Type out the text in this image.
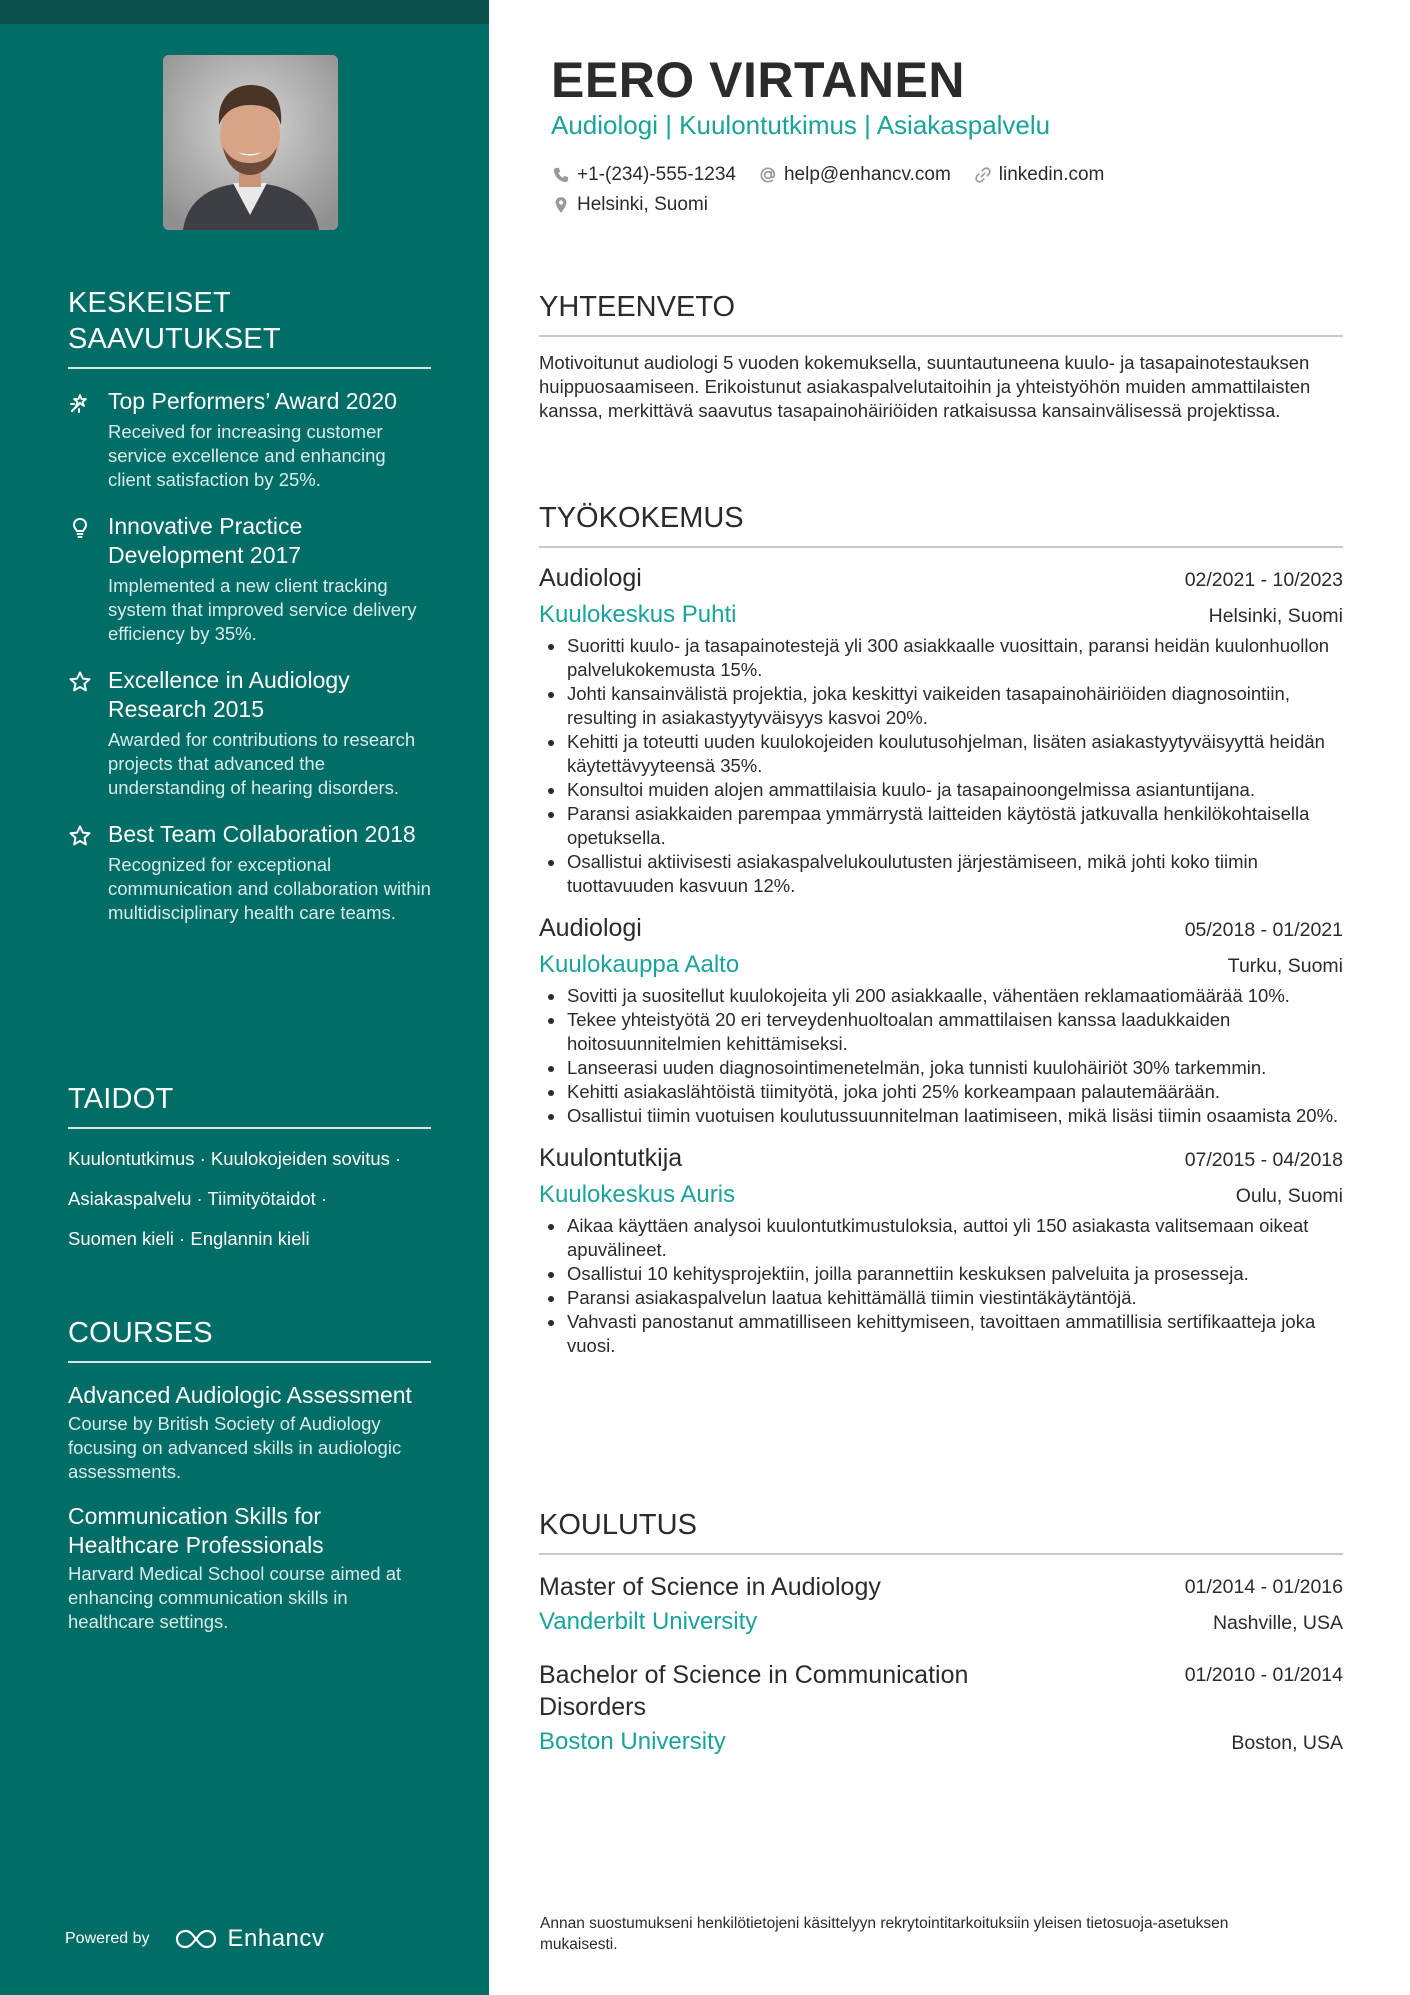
KESKEISET SAAVUTUKSET
Top Performers’ Award 2020
Received for increasing customer service excellence and enhancing client satisfaction by 25%.
Innovative Practice Development 2017
Implemented a new client tracking system that improved service delivery efficiency by 35%.
Excellence in Audiology Research 2015
Awarded for contributions to research projects that advanced the understanding of hearing disorders.
Best Team Collaboration 2018
Recognized for exceptional communication and collaboration within multidisciplinary health care teams.
TAIDOT
Kuulontutkimus · Kuulokojeiden sovitus ·
Asiakaspalvelu · Tiimityötaidot ·
Suomen kieli · Englannin kieli
COURSES
Advanced Audiologic Assessment
Course by British Society of Audiology focusing on advanced skills in audiologic assessments.
Communication Skills for Healthcare Professionals
Harvard Medical School course aimed at enhancing communication skills in healthcare settings.
Powered by	Enhancv
EERO VIRTANEN
Audiologi | Kuulontutkimus | Asiakaspalvelu
+1-(234)-555-1234	help@enhancv.com	linkedin.com
Helsinki, Suomi
YHTEENVETO

Motivoitunut audiologi 5 vuoden kokemuksella, suuntautuneena kuulo- ja tasapainotestauksen huippuosaamiseen. Erikoistunut asiakaspalvelutaitoihin ja yhteistyöhön muiden ammattilaisten kanssa, merkittävä saavutus tasapainohäiriöiden ratkaisussa kansainvälisessä projektissa.

TYÖKOKEMUS
Audiologi	02/2021 - 10/2023
Kuulokeskus Puhti	Helsinki, Suomi
Suoritti kuulo- ja tasapainotestejä yli 300 asiakkaalle vuosittain, paransi heidän kuulonhuollon palvelukokemusta 15%.
Johti kansainvälistä projektia, joka keskittyi vaikeiden tasapainohäiriöiden diagnosointiin, resulting in asiakastyytyväisyys kasvoi 20%.
Kehitti ja toteutti uuden kuulokojeiden koulutusohjelman, lisäten asiakastyytyväisyyttä heidän käytettävyyteensä 35%.
Konsultoi muiden alojen ammattilaisia kuulo- ja tasapainoongelmissa asiantuntijana.
Paransi asiakkaiden parempaa ymmärrystä laitteiden käytöstä jatkuvalla henkilökohtaisella opetuksella.
Osallistui aktiivisesti asiakaspalvelukoulutusten järjestämiseen, mikä johti koko tiimin tuottavuuden kasvuun 12%.
Audiologi	05/2018 - 01/2021
Kuulokauppa Aalto	Turku, Suomi
Sovitti ja suositellut kuulokojeita yli 200 asiakkaalle, vähentäen reklamaatiomäärää 10%.
Tekee yhteistyötä 20 eri terveydenhuoltoalan ammattilaisen kanssa laadukkaiden hoitosuunnitelmien kehittämiseksi.
Lanseerasi uuden diagnosointimenetelmän, joka tunnisti kuulohäiriöt 30% tarkemmin.
Kehitti asiakaslähtöistä tiimityötä, joka johti 25% korkeampaan palautemäärään.
Osallistui tiimin vuotuisen koulutussuunnitelman laatimiseen, mikä lisäsi tiimin osaamista 20%.
Kuulontutkija	07/2015 - 04/2018
Kuulokeskus Auris	Oulu, Suomi
Aikaa käyttäen analysoi kuulontutkimustuloksia, auttoi yli 150 asiakasta valitsemaan oikeat apuvälineet.
Osallistui 10 kehitysprojektiin, joilla parannettiin keskuksen palveluita ja prosesseja.
Paransi asiakaspalvelun laatua kehittämällä tiimin viestintäkäytäntöjä.
Vahvasti panostanut ammatilliseen kehittymiseen, tavoittaen ammatillisia sertifikaatteja joka vuosi.
KOULUTUS
Master of Science in Audiology	01/2014 - 01/2016
Vanderbilt University	Nashville, USA
Bachelor of Science in Communication Disorders
01/2010 - 01/2014
Boston University	Boston, USA
Annan suostumukseni henkilötietojeni käsittelyyn rekrytointitarkoituksiin yleisen tietosuoja-asetuksen mukaisesti.
